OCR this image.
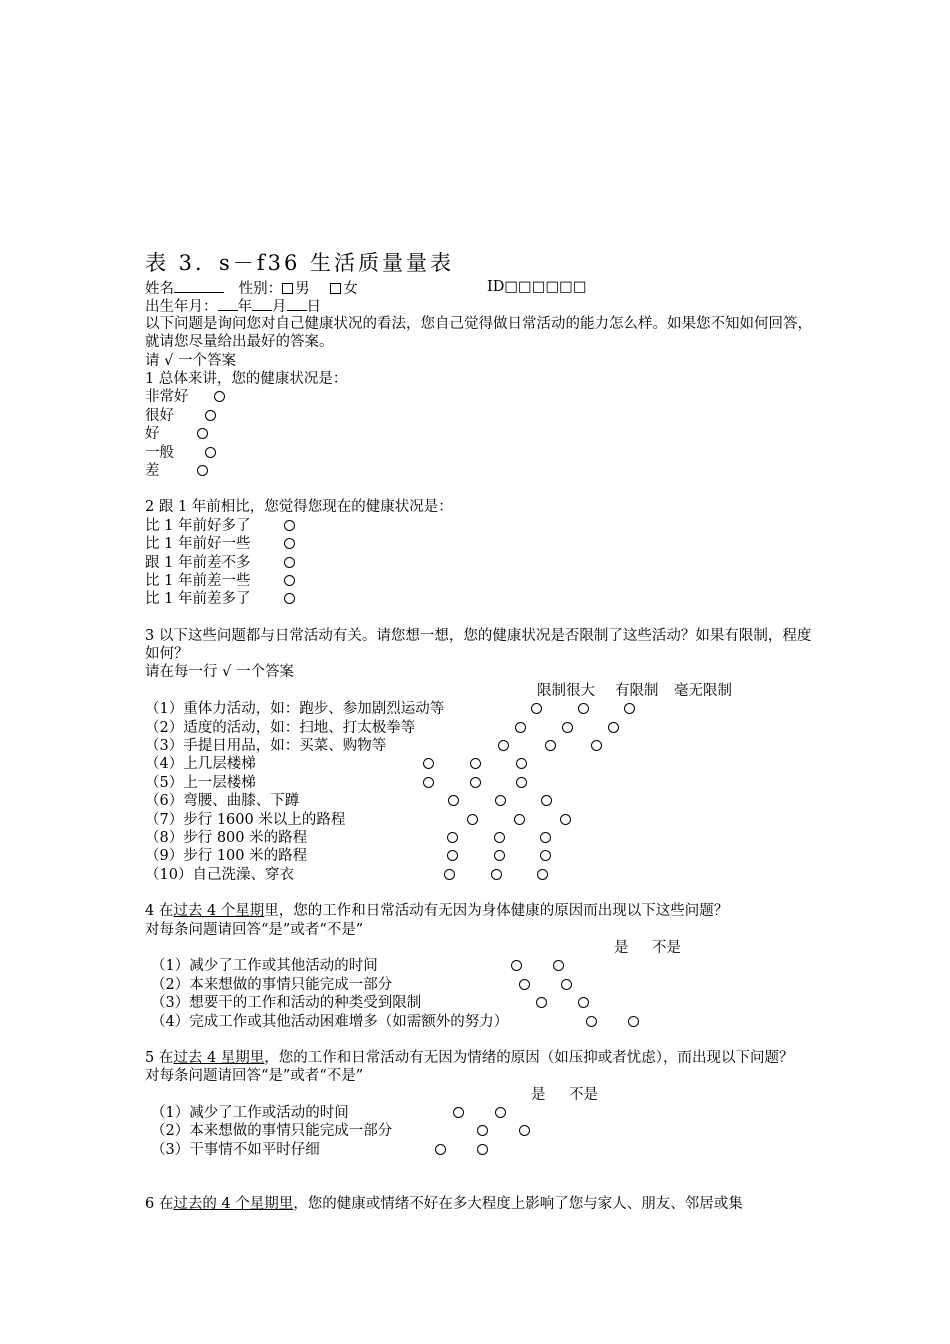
表 3．s－f36 生活质量量表
姓名	性别： 男 女	ID□□□□□□
出生年月： 年 月 日
以下问题是询问您对自己健康状况的看法，您自己觉得做日常活动的能力怎么样。如果您不知如何回答，就请您尽量给出最好的答案。
请 √ 一个答案
1 总体来讲，您的健康状况是：
非常好
很好
好
一般
差
2 跟 1 年前相比，您觉得您现在的健康状况是：
比 1 年前好多了
比 1 年前好一些
跟 1 年前差不多
比 1 年前差一些
比 1 年前差多了
3 以下这些问题都与日常活动有关。请您想一想，您的健康状况是否限制了这些活动？如果有限制，程度如何？
请在每一行 √ 一个答案
限制很大 有限制 毫无限制
（1）重体力活动，如：跑步、参加剧烈运动等
（2）适度的活动，如：扫地、打太极拳等
（3）手提日用品，如：买菜、购物等
（4）上几层楼梯
（5）上一层楼梯
（6）弯腰、曲膝、下蹲
（7）步行 1600 米以上的路程
（8）步行 800 米的路程
（9）步行 100 米的路程
（10）自己洗澡、穿衣
4 在过去 4 个星期里，您的工作和日常活动有无因为身体健康的原因而出现以下这些问题？
对每条问题请回答“是”或者“不是”
是 不是
（1）减少了工作或其他活动的时间
（2）本来想做的事情只能完成一部分
（3）想要干的工作和活动的种类受到限制
（4）完成工作或其他活动困难增多（如需额外的努力）
5 在过去 4 星期里，您的工作和日常活动有无因为情绪的原因（如压抑或者忧虑），而出现以下问题？
对每条问题请回答“是”或者“不是”
是 不是
（1）减少了工作或活动的时间
（2）本来想做的事情只能完成一部分
（3）干事情不如平时仔细
6 在过去的 4 个星期里，您的健康或情绪不好在多大程度上影响了您与家人、朋友、邻居或集
